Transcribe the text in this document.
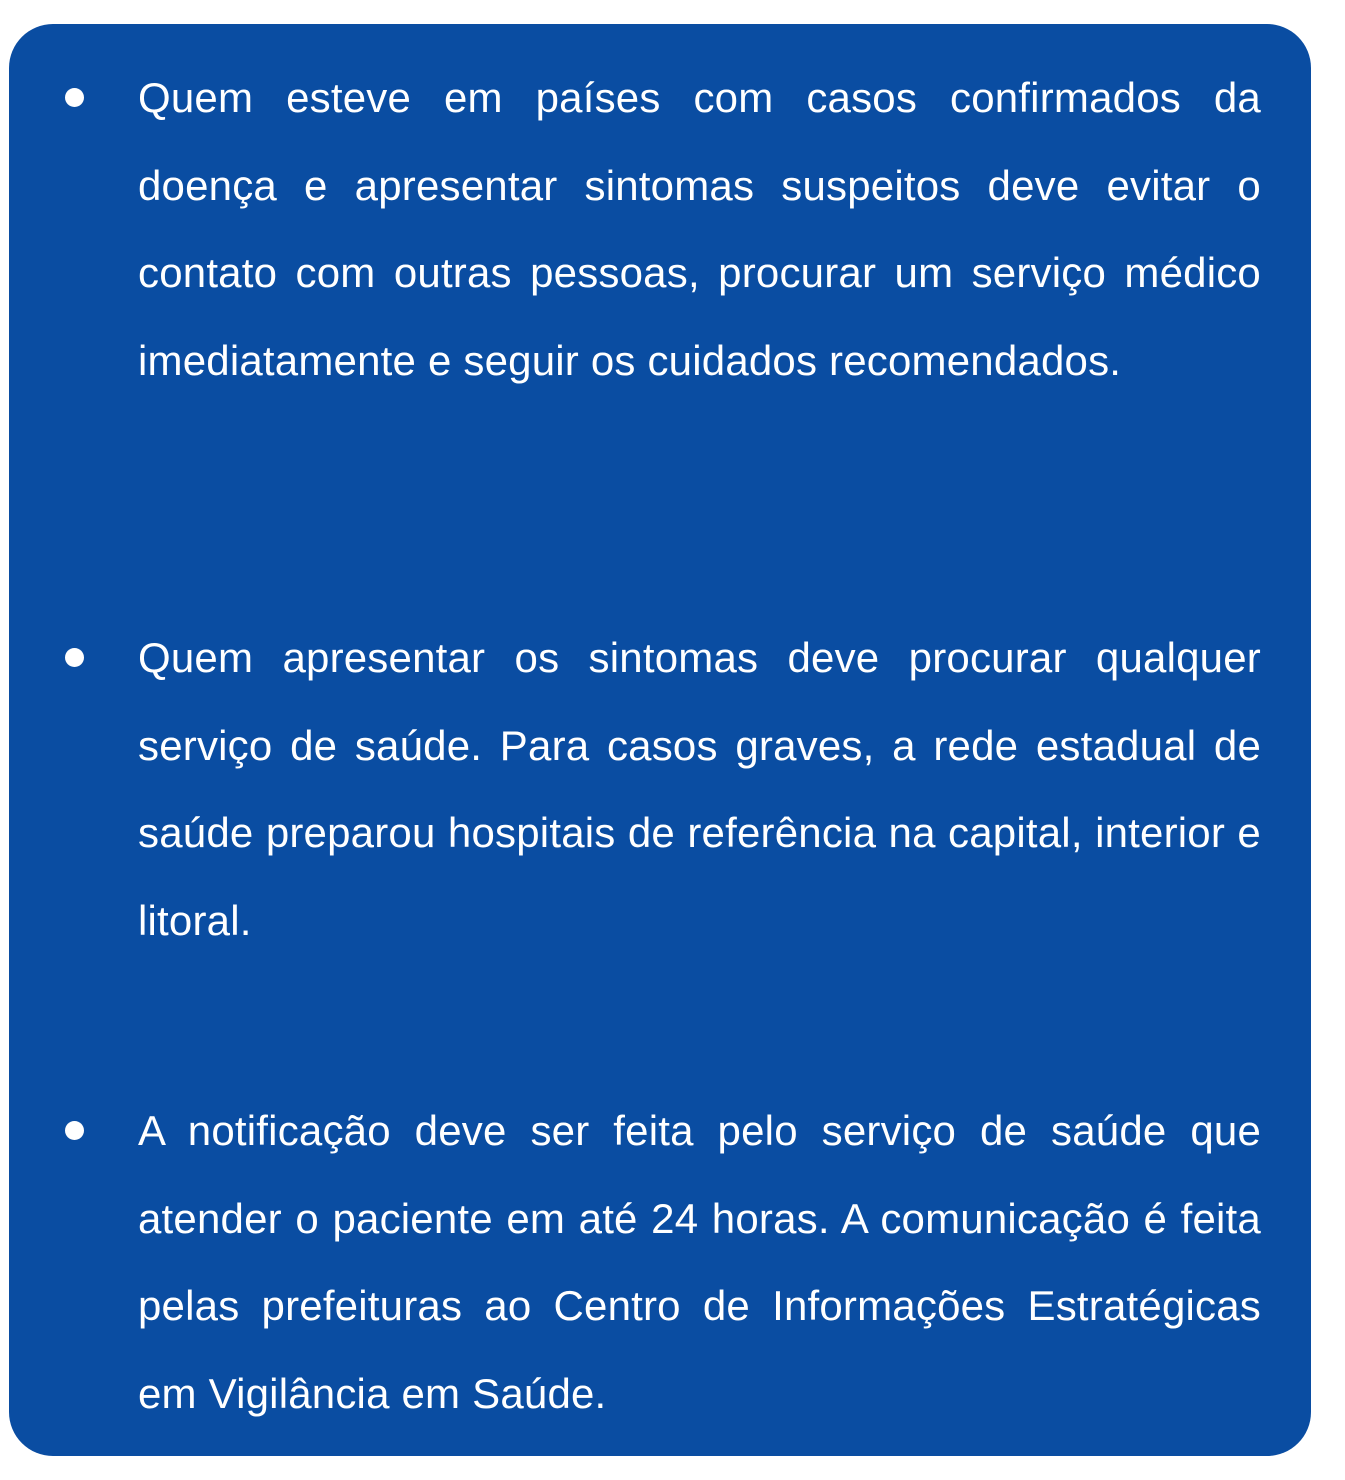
Quem esteve em países com casos confirmados da doença e apresentar sintomas suspeitos deve evitar o contato com outras pessoas, procurar um serviço médico imediatamente e seguir os cuidados recomendados.

Quem apresentar os sintomas deve procurar qualquer serviço de saúde. Para casos graves, a rede estadual de saúde preparou hospitais de referência na capital, interior e litoral.

A notificação deve ser feita pelo serviço de saúde que atender o paciente em até 24 horas. A comunicação é feita pelas prefeituras ao Centro de Informações Estratégicas em Vigilância em Saúde.
